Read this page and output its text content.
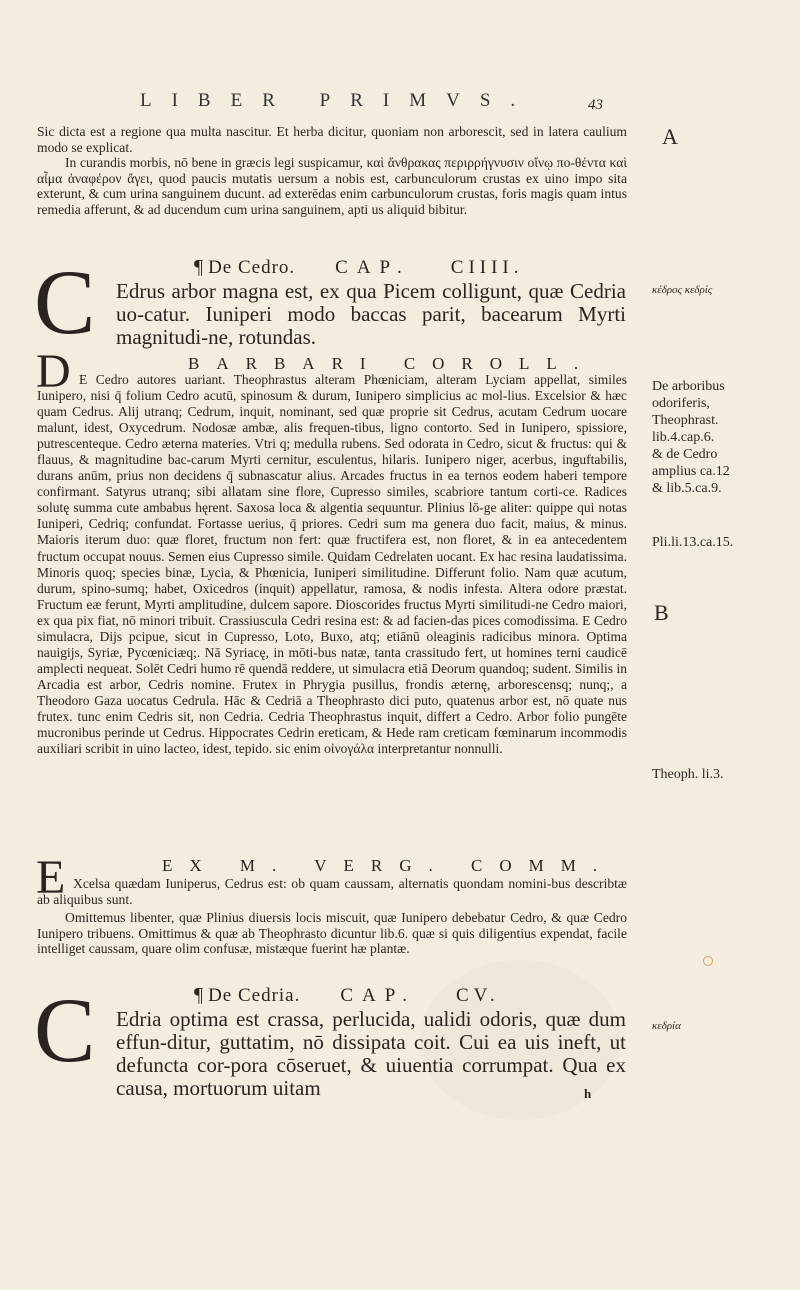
LIBER PRIMVS.	43

Sic dicta est a regione qua multa nascitur. Et herba dicitur, quoniam non arborescit, sed in latera caulium modo se explicat.

In curandis morbis, nō bene in græcis legi suspicamur, καὶ ἄνθρακας περιρρήγνυσιν οἴνῳ πο-θέντα καὶ αἷμα ἀναφέρον ἄγει, quod paucis mutatis uersum a nobis est, carbunculorum crustas ex uino impo sita exterunt, & cum urina sanguinem ducunt. ad exterēdas enim carbunculorum crustas, foris magis quam intus remedia afferunt, & ad ducendum cum urina sanguinem, apti us aliquid bibitur.

C	¶ De Cedro. CAP. CIIII.
Edrus arbor magna est, ex qua Picem colligunt, quæ Cedria uo-catur. Iuniperi modo baccas parit, bacearum Myrti magnitudi-ne, rotundas.
BARBARI COROLL.
D E Cedro autores uariant. Theophrastus alteram Phœniciam, alteram Lyciam appellat, similes Iunipero, nisi q̄ folium Cedro acutū, spinosum & durum, Iunipero simplicius ac mol-lius. Excelsior & hæc quam Cedrus. Alij utranq; Cedrum, inquit, nominant, sed quæ proprie sit Cedrus, acutam Cedrum uocare malunt, idest, Oxycedrum. Nodosæ ambæ, alis frequen-tibus, ligno contorto. Sed in Iunipero, spissiore, putrescenteque. Cedro æterna materies. Vtri q; medulla rubens. Sed odorata in Cedro, sicut & fructus: qui & flauus, & magnitudine bac-carum Myrti cernitur, esculentus, hilaris. Iunipero niger, acerbus, inguftabilis, durans anūm, prius non decidens q̄ subnascatur alius. Arcades fructus in ea ternos eodem haberi tempore confirmant. Satyrus utranq; sibi allatam sine flore, Cupresso similes, scabriore tantum corti-ce. Radices solutę summa cute ambabus hęrent. Saxosa loca & algentia sequuntur. Plinius lō-ge aliter: quippe qui notas Iuniperi, Cedriq; confundat. Fortasse uerius, q̄ priores. Cedri sum ma genera duo facit, maius, & minus. Maioris iterum duo: quæ floret, fructum non fert: quæ fructifera est, non floret, & in ea antecedentem fructum occupat nouus. Semen eius Cupresso simile. Quidam Cedrelaten uocant. Ex hac resina laudatissima. Minoris quoq; species binæ, Lycia, & Phœnicia, Iuniperi similitudine. Differunt folio. Nam quæ acutum, durum, spino-sumq; habet, Oxicedros (inquit) appellatur, ramosa, & nodis infesta. Altera odore præstat. Fructum eæ ferunt, Myrti amplitudine, dulcem sapore. Dioscorides fructus Myrti similitudi-ne Cedro maiori, ex qua pix fiat, nō minori tribuit. Crassiuscula Cedri resina est: & ad facien-das pices comodissima. E Cedro simulacra, Dijs pcipue, sicut in Cupresso, Loto, Buxo, atq; etiānū oleaginis radicibus minora. Optima nauigijs, Syriæ, Pycœniciæq;. Nā Syriacę, in mōti-bus natæ, tanta crassitudo fert, ut homines terni caudicē amplecti nequeat. Solēt Cedri humo rē quendā reddere, ut simulacra etiā Deorum quandoq; sudent. Similis in Arcadia est arbor, Cedris nomine. Frutex in Phrygia pusillus, frondis æternę, arborescensq; nunq;, a Theodoro Gaza uocatus Cedrula. Hāc & Cedriā a Theophrasto dici puto, quatenus arbor est, nō quate nus frutex. tunc enim Cedris sit, non Cedria. Cedria Theophrastus inquit, differt a Cedro. Arbor folio pungēte mucronibus perinde ut Cedrus. Hippocrates Cedrin ereticam, & Hede ram creticam fœminarum incommodis auxiliari scribit in uino lacteo, idest, tepido. sic enim οἰνογάλα interpretantur nonnulli.
EX M. VERG. COMM.
E Xcelsa quædam Iuniperus, Cedrus est: ob quam caussam, alternatis quondam nomini-bus describtæ ab aliquibus sunt.
Omittemus libenter, quæ Plinius diuersis locis miscuit, quæ Iunipero debebatur Cedro, & quæ Cedro Iunipero tribuens. Omittimus & quæ ab Theophrasto dicuntur lib.6. quæ si quis diligentius expendat, facile intelliget caussam, quare olim confusæ, mistæque fuerint hæ plantæ.
C	¶ De Cedria. CAP. CV.
Edria optima est crassa, perlucida, ualidi odoris, quæ dum effun-ditur, guttatim, nō dissipata coit. Cui ea uis ineft, ut defuncta cor-pora cōseruet, & uiuentia corrumpat. Qua ex causa, mortuorum uitam	h
A
κέδρος κεδρίς
De arboribus
odoriferis,
Theophrast.
lib.4.cap.6.
& de Cedro
amplius ca.12
& lib.5.ca.9.
Pli.li.13.ca.15.
B
Theoph. li.3.
κεδρία
